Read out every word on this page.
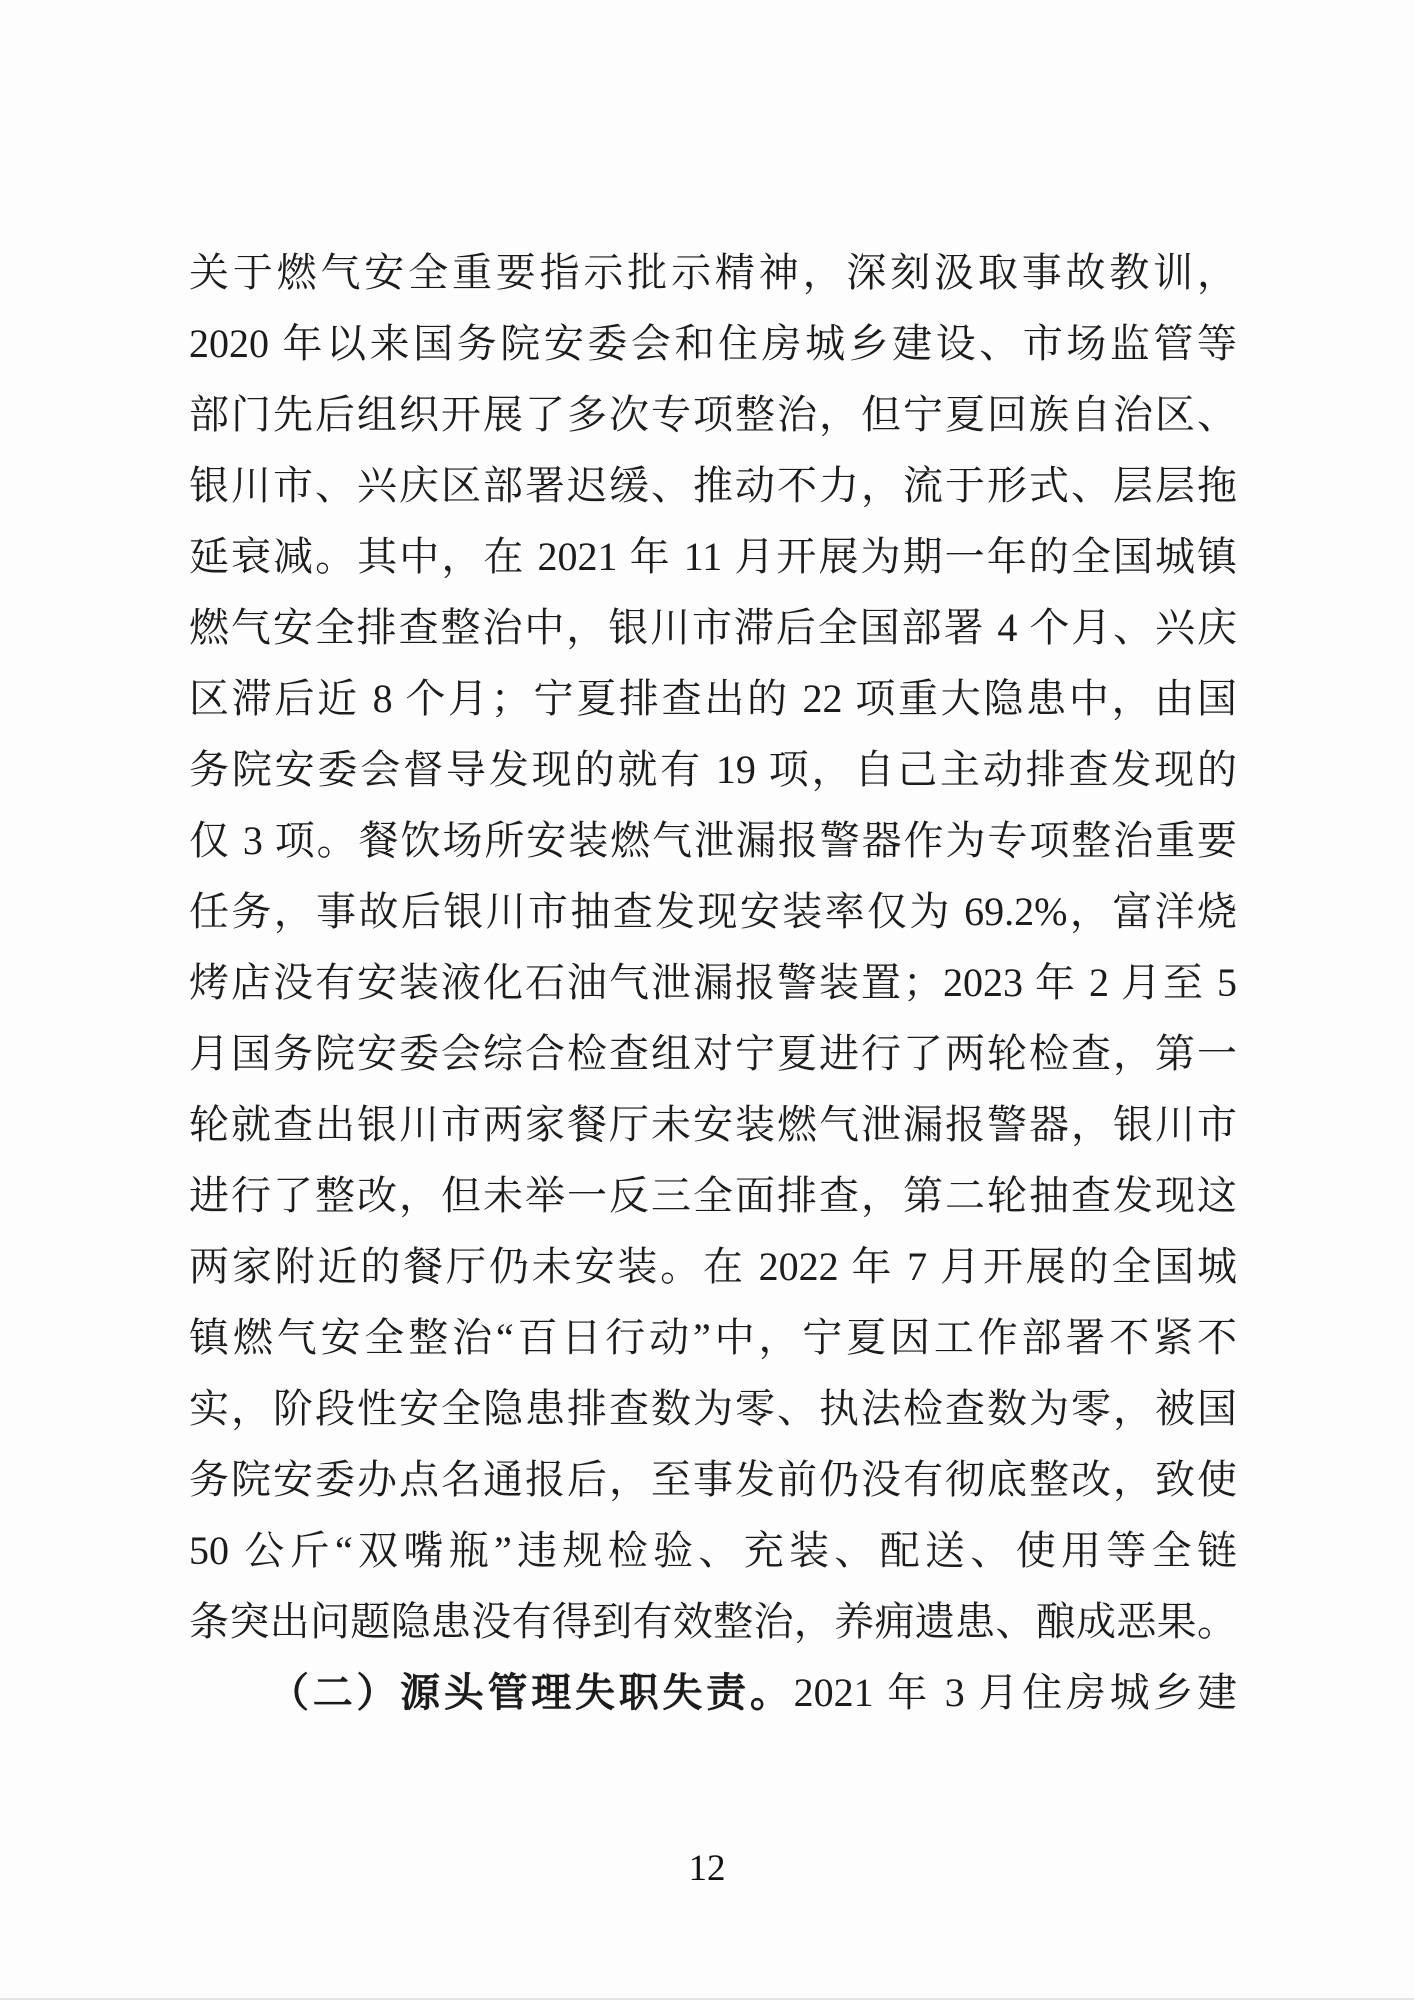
关于燃气安全重要指示批示精神，深刻汲取事故教训，
2020 年以来国务院安委会和住房城乡建设、市场监管等
部门先后组织开展了多次专项整治，但宁夏回族自治区、
银川市、兴庆区部署迟缓、推动不力，流于形式、层层拖
延衰减。其中，在 2021 年 11 月开展为期一年的全国城镇
燃气安全排查整治中，银川市滞后全国部署 4 个月、兴庆
区滞后近 8 个月；宁夏排查出的 22 项重大隐患中，由国
务院安委会督导发现的就有 19 项，自己主动排查发现的
仅 3 项。餐饮场所安装燃气泄漏报警器作为专项整治重要
任务，事故后银川市抽查发现安装率仅为 69.2%，富洋烧
烤店没有安装液化石油气泄漏报警装置；2023 年 2 月至 5
月国务院安委会综合检查组对宁夏进行了两轮检查，第一
轮就查出银川市两家餐厅未安装燃气泄漏报警器，银川市
进行了整改，但未举一反三全面排查，第二轮抽查发现这
两家附近的餐厅仍未安装。在 2022 年 7 月开展的全国城
镇燃气安全整治“百日行动”中，宁夏因工作部署不紧不
实，阶段性安全隐患排查数为零、执法检查数为零，被国
务院安委办点名通报后，至事发前仍没有彻底整改，致使
50 公斤“双嘴瓶”违规检验、充装、配送、使用等全链
条突出问题隐患没有得到有效整治，养痈遗患、酿成恶果。
（二）源头管理失职失责。2021 年 3 月住房城乡建
12
